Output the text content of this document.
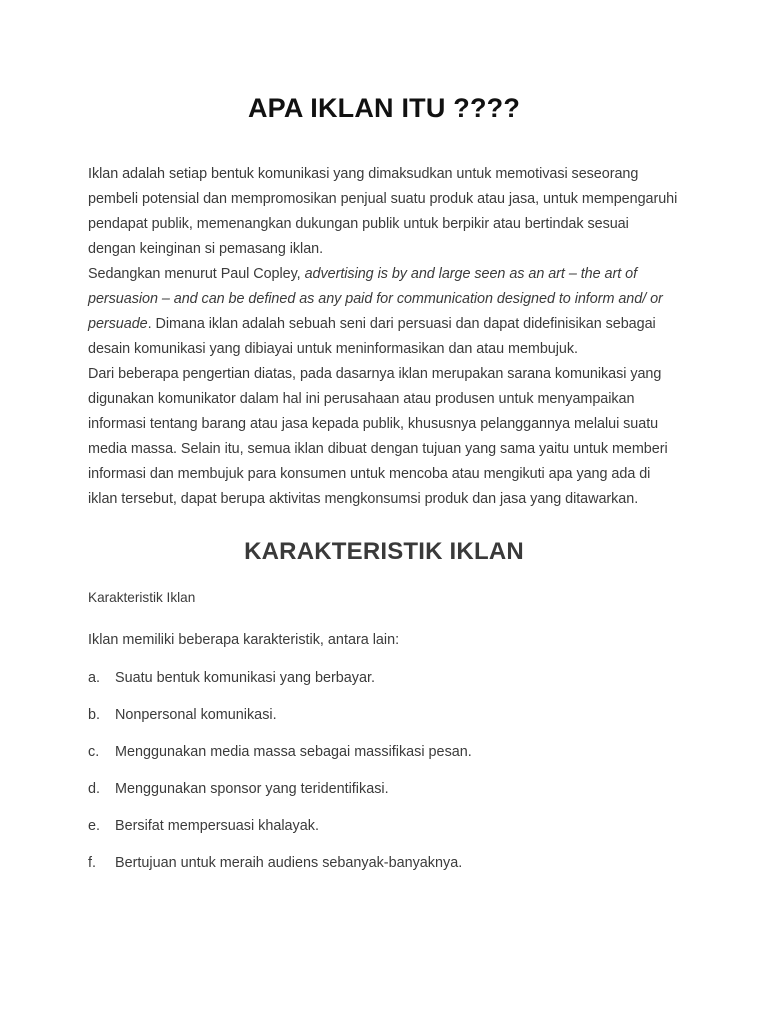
APA IKLAN ITU ????

Iklan adalah setiap bentuk komunikasi yang dimaksudkan untuk memotivasi seseorang pembeli potensial dan mempromosikan penjual suatu produk atau jasa, untuk mempengaruhi pendapat publik, memenangkan dukungan publik untuk berpikir atau bertindak sesuai dengan keinginan si pemasang iklan.

Sedangkan menurut Paul Copley, advertising is by and large seen as an art – the art of persuasion – and can be defined as any paid for communication designed to inform and/ or persuade. Dimana iklan adalah sebuah seni dari persuasi dan dapat didefinisikan sebagai desain komunikasi yang dibiayai untuk meninformasikan dan atau membujuk.

Dari beberapa pengertian diatas, pada dasarnya iklan merupakan sarana komunikasi yang digunakan komunikator dalam hal ini perusahaan atau produsen untuk menyampaikan informasi tentang barang atau jasa kepada publik, khususnya pelanggannya melalui suatu media massa. Selain itu, semua iklan dibuat dengan tujuan yang sama yaitu untuk memberi informasi dan membujuk para konsumen untuk mencoba atau mengikuti apa yang ada di iklan tersebut, dapat berupa aktivitas mengkonsumsi produk dan jasa yang ditawarkan.

KARAKTERISTIK IKLAN

Karakteristik Iklan

Iklan memiliki beberapa karakteristik, antara lain:

a.	Suatu bentuk komunikasi yang berbayar.
b.	Nonpersonal komunikasi.
c.	Menggunakan media massa sebagai massifikasi pesan.
d.	Menggunakan sponsor yang teridentifikasi.
e.	Bersifat mempersuasi khalayak.
f.	Bertujuan untuk meraih audiens sebanyak-banyaknya.
